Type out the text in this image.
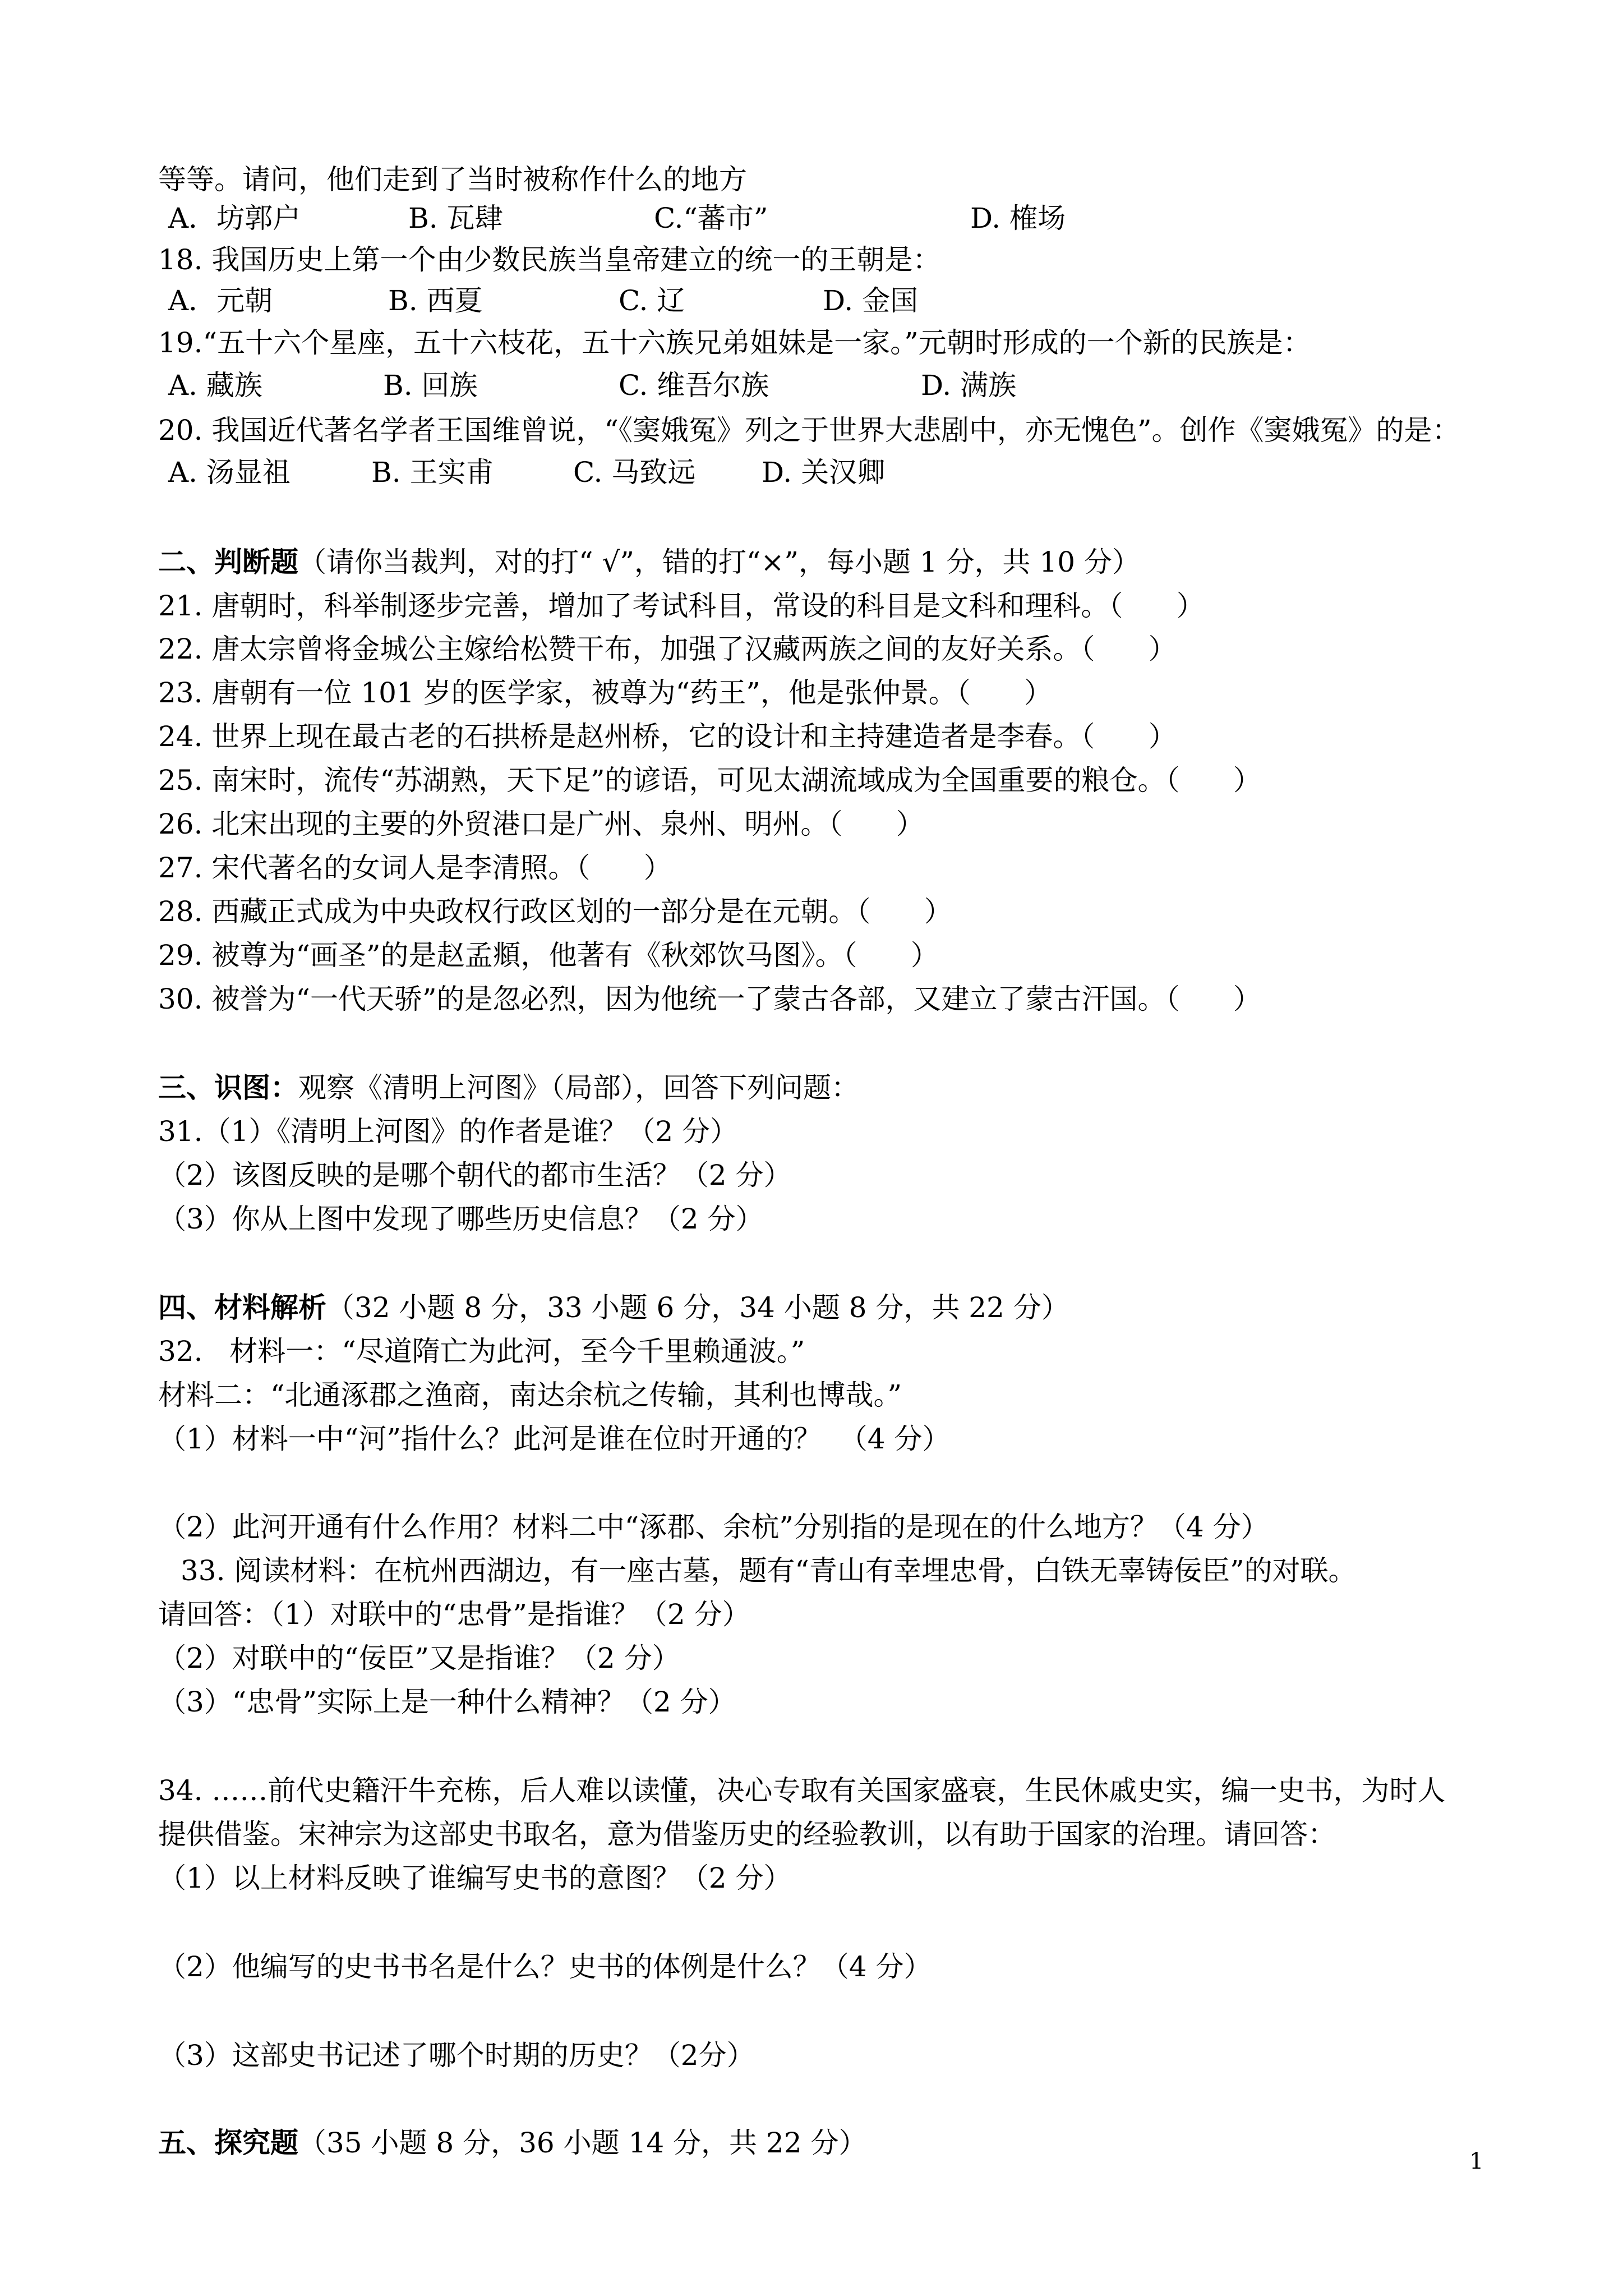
等等。请问，他们走到了当时被称作什么的地方

A．坊郭户

	B. 瓦肆

	C.“蕃市”

	D. 榷场

18. 我国历史上第一个由少数民族当皇帝建立的统一的王朝是：

A．元朝

	B. 西夏

	C. 辽

	D. 金国

19.“五十六个星座，五十六枝花，五十六族兄弟姐妹是一家。”元朝时形成的一个新的民族是：

A. 藏族

	B. 回族

	C. 维吾尔族

	D. 满族

20. 我国近代著名学者王国维曾说，“《窦娥冤》列之于世界大悲剧中，亦无愧色”。创作《窦娥冤》的是：

A. 汤显祖

	B. 王实甫

	C. 马致远

D. 关汉卿

二、判断题（请你当裁判，对的打“ √”，错的打“×”，每小题 1 分，共 10 分）

21. 唐朝时，科举制逐步完善，增加了考试科目，常设的科目是文科和理科。（      ）

22. 唐太宗曾将金城公主嫁给松赞干布，加强了汉藏两族之间的友好关系。（      ）

23. 唐朝有一位 101 岁的医学家，被尊为“药王”，他是张仲景。（      ）

24. 世界上现在最古老的石拱桥是赵州桥，它的设计和主持建造者是李春。（      ）

25. 南宋时，流传“苏湖熟，天下足”的谚语，可见太湖流域成为全国重要的粮仓。（      ）

26. 北宋出现的主要的外贸港口是广州、泉州、明州。（      ）

27. 宋代著名的女词人是李清照。（      ）

28. 西藏正式成为中央政权行政区划的一部分是在元朝。（      ）

29. 被尊为“画圣”的是赵孟頫，他著有《秋郊饮马图》。（      ）

30. 被誉为“一代天骄”的是忽必烈，因为他统一了蒙古各部，又建立了蒙古汗国。（      ）

三、识图：观察《清明上河图》（局部），回答下列问题：

31.（1）《清明上河图》的作者是谁？（2 分）

（2）该图反映的是哪个朝代的都市生活？（2 分）

（3）你从上图中发现了哪些历史信息？（2 分）

四、材料解析（32 小题 8 分，33 小题 6 分，34 小题 8 分，共 22 分）

32.   材料一：“尽道隋亡为此河，至今千里赖通波。”

材料二：“北通涿郡之渔商，南达余杭之传输，其利也博哉。”

（1）材料一中“河”指什么？此河是谁在位时开通的？  （4 分）

（2）此河开通有什么作用？材料二中“涿郡、余杭”分别指的是现在的什么地方？（4 分）

33. 阅读材料：在杭州西湖边，有一座古墓，题有“青山有幸埋忠骨，白铁无辜铸佞臣”的对联。

请回答：（1）对联中的“忠骨”是指谁？（2 分）

（2）对联中的“佞臣”又是指谁？（2 分）

（3）“忠骨”实际上是一种什么精神？（2 分）

34. ……前代史籍汗牛充栋，后人难以读懂，决心专取有关国家盛衰，生民休戚史实，编一史书，为时人

提供借鉴。宋神宗为这部史书取名，意为借鉴历史的经验教训，以有助于国家的治理。请回答：

（1）以上材料反映了谁编写史书的意图？（2 分）

（2）他编写的史书书名是什么？史书的体例是什么？（4 分）

（3）这部史书记述了哪个时期的历史？（2分）

五、探究题（35 小题 8 分，36 小题 14 分，共 22 分）

1
